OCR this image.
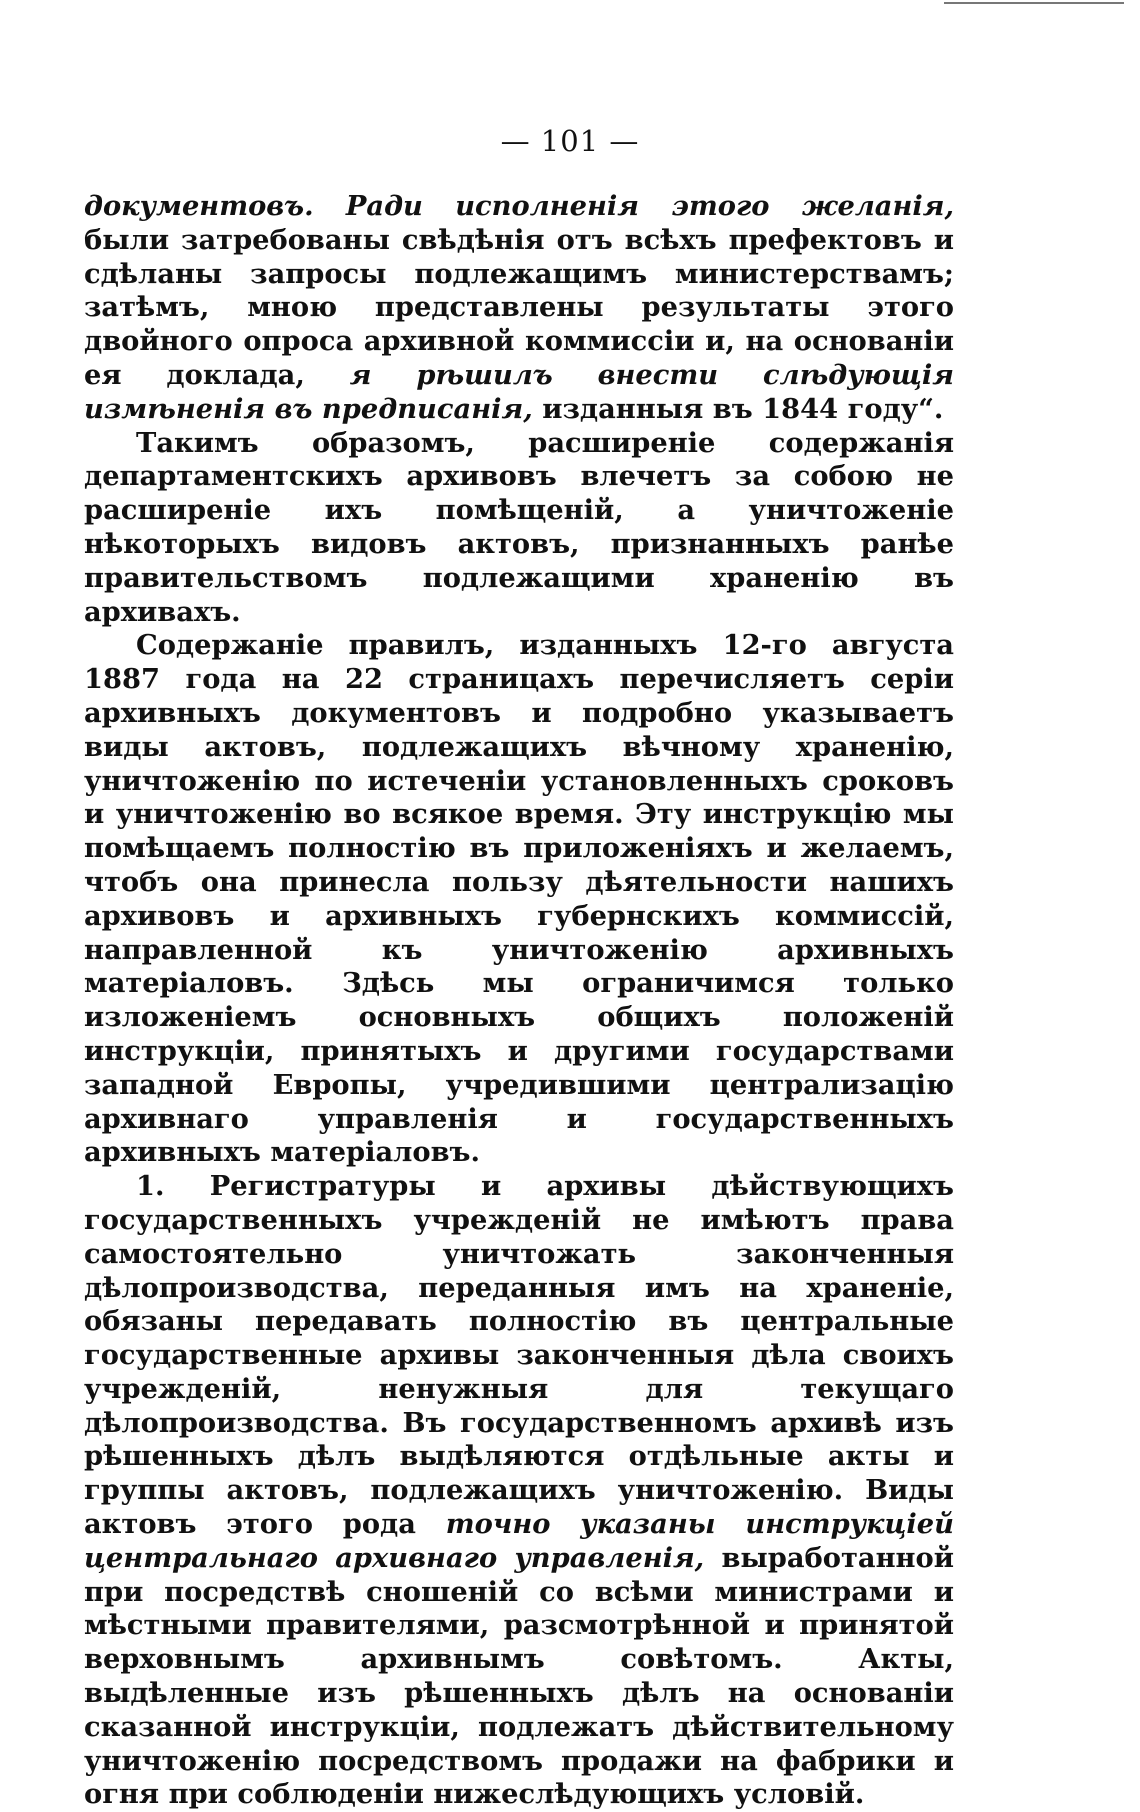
— 101 —

документовъ. Ради исполненія этого желанія, были затребованы свѣдѣнія отъ всѣхъ префектовъ и сдѣланы запросы подлежащимъ министерствамъ; затѣмъ, мною представлены результаты этого двойного опроса архивной коммиссіи и, на основаніи ея доклада, я рѣшилъ внести слѣдующія измѣненія въ предписанія, изданныя въ 1844 году“.

Такимъ образомъ, расширеніе содержанія департаментскихъ архивовъ влечетъ за собою не расширеніе ихъ помѣщеній, а уничтоженіе нѣкоторыхъ видовъ актовъ, признанныхъ ранѣе правительствомъ подлежащими храненію въ архивахъ.

Содержаніе правилъ, изданныхъ 12-го августа 1887 года на 22 страницахъ перечисляетъ серіи архивныхъ документовъ и подробно указываетъ виды актовъ, подлежащихъ вѣчному храненію, уничтоженію по истеченіи установленныхъ сроковъ и уничтоженію во всякое время. Эту инструкцію мы помѣщаемъ полностію въ приложеніяхъ и желаемъ, чтобъ она принесла пользу дѣятельности нашихъ архивовъ и архивныхъ губернскихъ коммиссій, направленной къ уничтоженію архивныхъ матеріаловъ. Здѣсь мы ограничимся только изложеніемъ основныхъ общихъ положеній инструкціи, принятыхъ и другими государствами западной Европы, учредившими централизацію архивнаго управленія и государственныхъ архивныхъ матеріаловъ.

1. Регистратуры и архивы дѣйствующихъ государственныхъ учрежденій не имѣютъ права самостоятельно уничтожать законченныя дѣлопроизводства, переданныя имъ на храненіе, обязаны передавать полностію въ центральные государственные архивы законченныя дѣла своихъ учрежденій, ненужныя для текущаго дѣлопроизводства. Въ государственномъ архивѣ изъ рѣшенныхъ дѣлъ выдѣляются отдѣльные акты и группы актовъ, подлежащихъ уничтоженію. Виды актовъ этого рода точно указаны инструкціей центральнаго архивнаго управленія, выработанной при посредствѣ сношеній со всѣми министрами и мѣстными правителями, разсмотрѣнной и принятой верховнымъ архивнымъ совѣтомъ. Акты, выдѣленные изъ рѣшенныхъ дѣлъ на основаніи сказанной инструкціи, подлежатъ дѣйствительному уничтоженію посредствомъ продажи на фабрики и огня при соблюденіи нижеслѣдующихъ условій.
